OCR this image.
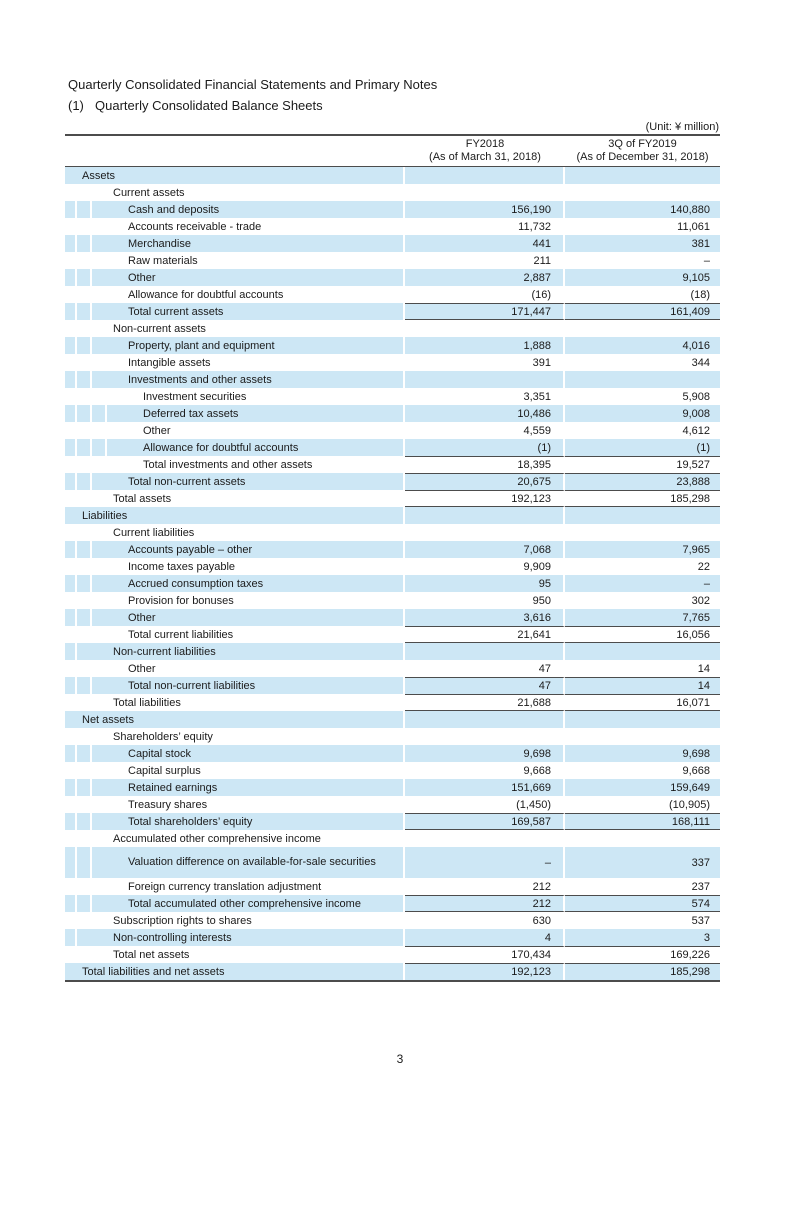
Quarterly Consolidated Financial Statements and Primary Notes
(1) Quarterly Consolidated Balance Sheets
(Unit: ¥ million)
FY2018
(As of March 31, 2018)
3Q of FY2019
(As of December 31, 2018)
Assets
Current assets
Cash and deposits	156,190	140,880
Accounts receivable - trade	11,732	11,061
Merchandise	441	381
Raw materials	211	–
Other	2,887	9,105
Allowance for doubtful accounts	(16)	(18)
Total current assets	171,447	161,409
Non-current assets
Property, plant and equipment	1,888	4,016
Intangible assets	391	344
Investments and other assets
Investment securities	3,351	5,908
Deferred tax assets	10,486	9,008
Other	4,559	4,612
Allowance for doubtful accounts	(1)	(1)
Total investments and other assets	18,395	19,527
Total non-current assets	20,675	23,888
Total assets	192,123	185,298
Liabilities
Current liabilities
Accounts payable – other	7,068	7,965
Income taxes payable	9,909	22
Accrued consumption taxes	95	–
Provision for bonuses	950	302
Other	3,616	7,765
Total current liabilities	21,641	16,056
Non-current liabilities
Other	47	14
Total non-current liabilities	47	14
Total liabilities	21,688	16,071
Net assets
Shareholders’ equity
Capital stock	9,698	9,698
Capital surplus	9,668	9,668
Retained earnings	151,669	159,649
Treasury shares	(1,450)	(10,905)
Total shareholders’ equity	169,587	168,111
Accumulated other comprehensive income
Valuation difference on available-for-sale securities	–	337
Foreign currency translation adjustment	212	237
Total accumulated other comprehensive income	212	574
Subscription rights to shares	630	537
Non-controlling interests	4	3
Total net assets	170,434	169,226
Total liabilities and net assets	192,123	185,298
3
